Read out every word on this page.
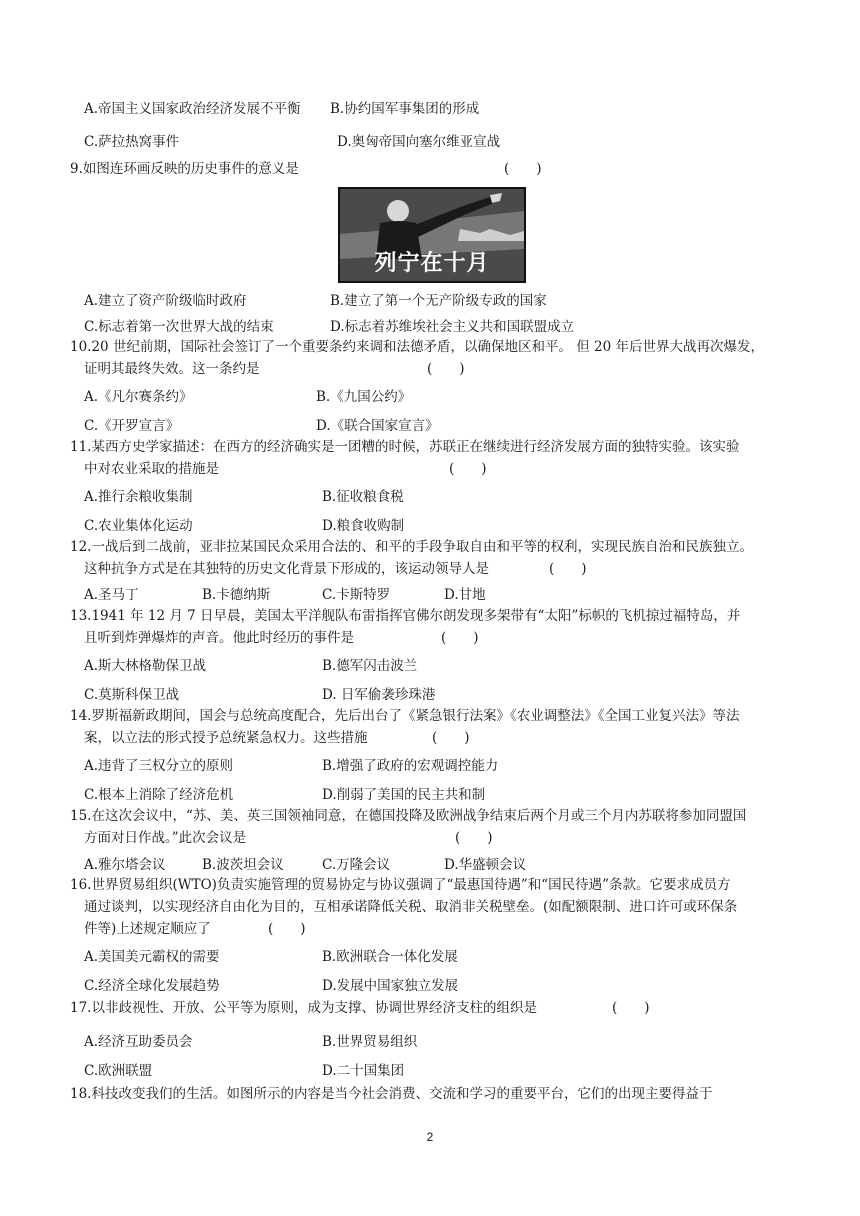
A.帝国主义国家政治经济发展不平衡 B.协约国军事集团的形成
C.萨拉热窝事件	D.奥匈帝国向塞尔维亚宣战
9.如图连环画反映的历史事件的意义是	(　　)
列宁在十月
A.建立了资产阶级临时政府	B.建立了第一个无产阶级专政的国家
C.标志着第一次世界大战的结束	D.标志着苏维埃社会主义共和国联盟成立
10.20 世纪前期，国际社会签订了一个重要条约来调和法德矛盾，以确保地区和平。 但 20 年后世界大战再次爆发，
证明其最终失效。这一条约是	(　　)
A.《凡尔赛条约》	B.《九国公约》
C.《开罗宣言》	D.《联合国家宣言》
11.某西方史学家描述：在西方的经济确实是一团糟的时候，苏联正在继续进行经济发展方面的独特实验。该实验
中对农业采取的措施是	(　　)
A.推行余粮收集制	B.征收粮食税
C.农业集体化运动	D.粮食收购制
12.一战后到二战前，亚非拉某国民众采用合法的、和平的手段争取自由和平等的权利，实现民族自治和民族独立。
这种抗争方式是在其独特的历史文化背景下形成的，该运动领导人是	(　　)
A.圣马丁	B.卡德纳斯	C.卡斯特罗	D.甘地
13.1941 年 12 月 7 日早晨，美国太平洋舰队布雷指挥官佛尔朗发现多架带有“太阳”标帜的飞机掠过福特岛，并
且听到炸弹爆炸的声音。他此时经历的事件是	(　　)
A.斯大林格勒保卫战	B.德军闪击波兰
C.莫斯科保卫战	D. 日军偷袭珍珠港
14.罗斯福新政期间，国会与总统高度配合，先后出台了《紧急银行法案》《农业调整法》《全国工业复兴法》等法
案，以立法的形式授予总统紧急权力。这些措施	(　　)
A.违背了三权分立的原则	B.增强了政府的宏观调控能力
C.根本上消除了经济危机	D.削弱了美国的民主共和制
15.在这次会议中，“苏、美、英三国领袖同意，在德国投降及欧洲战争结束后两个月或三个月内苏联将参加同盟国
方面对日作战。”此次会议是	(　　)
A.雅尔塔会议	B.波茨坦会议	C.万隆会议	D.华盛顿会议
16.世界贸易组织(WTO)负责实施管理的贸易协定与协议强调了“最惠国待遇”和“国民待遇”条款。它要求成员方
通过谈判，以实现经济自由化为目的，互相承诺降低关税、取消非关税壁垒。(如配额限制、进口许可或环保条
件等)上述规定顺应了	(　　)
A.美国美元霸权的需要	B.欧洲联合一体化发展
C.经济全球化发展趋势	D.发展中国家独立发展
17.以非歧视性、开放、公平等为原则，成为支撑、协调世界经济支柱的组织是	(　　)
A.经济互助委员会	B.世界贸易组织
C.欧洲联盟	D.二十国集团
18.科技改变我们的生活。如图所示的内容是当今社会消费、交流和学习的重要平台，它们的出现主要得益于
2
